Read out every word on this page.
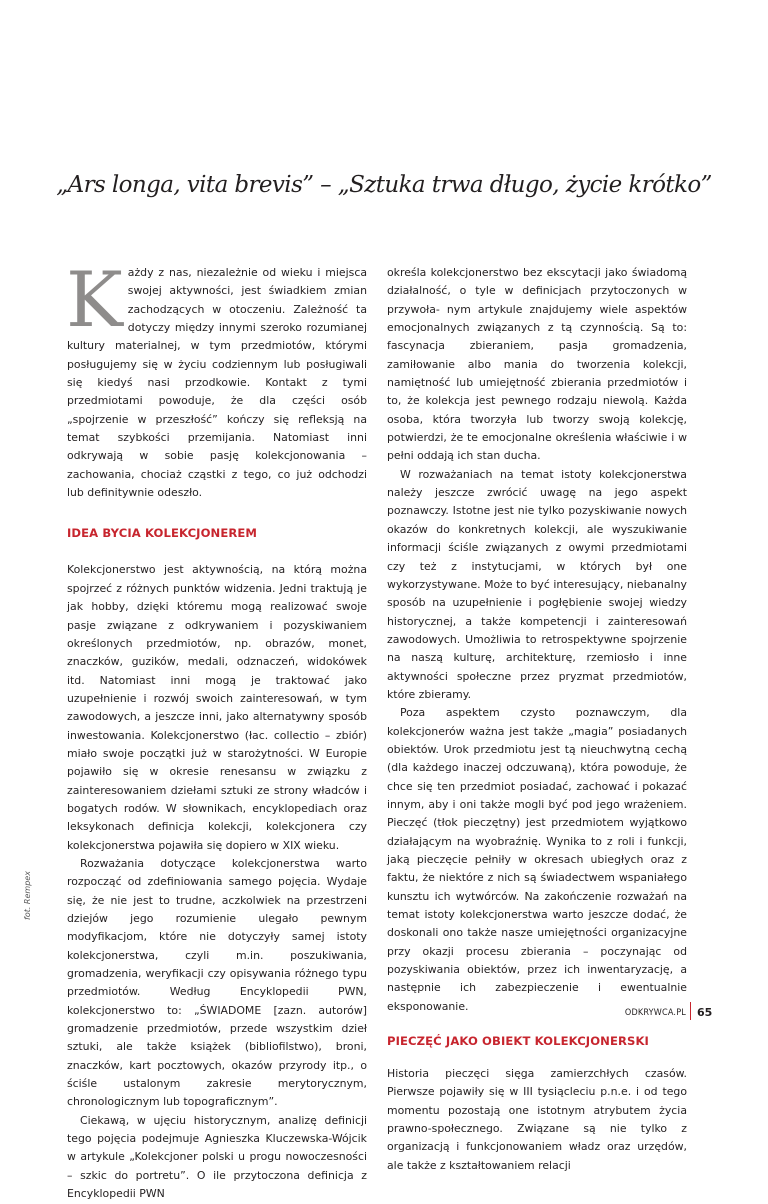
„Ars longa, vita brevis” – „Sztuka trwa długo, życie krótko”

Każdy z nas, niezależnie od wieku i miejsca swojej aktywności, jest świadkiem zmian zachodzących w otoczeniu. Zależność ta dotyczy między innymi szeroko rozumianej kultury materialnej, w tym przedmiotów, którymi posługujemy się w życiu codziennym lub posługiwali się kiedyś nasi przodkowie. Kontakt z tymi przedmiotami powoduje, że dla części osób „spojrzenie w przeszłość” kończy się refleksją na temat szybkości przemijania. Natomiast inni odkrywają w sobie pasję kolekcjonowania – zachowania, chociaż cząstki z tego, co już odchodzi lub definitywnie odeszło.

IDEA BYCIA KOLEKCJONEREM

Kolekcjonerstwo jest aktywnością, na którą można spojrzeć z różnych punktów widzenia. Jedni traktują je jak hobby, dzięki któremu mogą realizować swoje pasje związane z odkrywaniem i pozyskiwaniem określonych przedmiotów, np. obrazów, monet, znaczków, guzików, medali, odznaczeń, widokówek itd. Natomiast inni mogą je traktować jako uzupełnienie i rozwój swoich zainteresowań, w tym zawodowych, a jeszcze inni, jako alternatywny sposób inwestowania. Kolekcjonerstwo (łac. collectio – zbiór) miało swoje początki już w starożytności. W Europie pojawiło się w okresie renesansu w związku z zainteresowaniem dziełami sztuki ze strony władców i bogatych rodów. W słownikach, encyklopediach oraz leksykonach definicja kolekcji, kolekcjonera czy kolekcjonerstwa pojawiła się dopiero w XIX wieku.

Rozważania dotyczące kolekcjonerstwa warto rozpocząć od zdefiniowania samego pojęcia. Wydaje się, że nie jest to trudne, aczkolwiek na przestrzeni dziejów jego rozumienie ulegało pewnym modyfikacjom, które nie dotyczyły samej istoty kolekcjonerstwa, czyli m.in. poszukiwania, gromadzenia, weryfikacji czy opisywania różnego typu przedmiotów. Według Encyklopedii PWN, kolekcjonerstwo to: „ŚWIADOME [zazn. autorów] gromadzenie przedmiotów, przede wszystkim dzieł sztuki, ale także książek (bibliofilstwo), broni, znaczków, kart pocztowych, okazów przyrody itp., o ściśle ustalonym zakresie merytorycznym, chronologicznym lub topograficznym”.

Ciekawą, w ujęciu historycznym, analizę definicji tego pojęcia podejmuje Agnieszka Kluczewska-Wójcik w artykule „Kolekcjoner polski u progu nowoczesności – szkic do portretu”. O ile przytoczona definicja z Encyklopedii PWN

określa kolekcjonerstwo bez ekscytacji jako świadomą działalność, o tyle w definicjach przytoczonych w przywoła- nym artykule znajdujemy wiele aspektów emocjonalnych związanych z tą czynnością. Są to: fascynacja zbieraniem, pasja gromadzenia, zamiłowanie albo mania do tworzenia kolekcji, namiętność lub umiejętność zbierania przedmiotów i to, że kolekcja jest pewnego rodzaju niewolą. Każda osoba, która tworzyła lub tworzy swoją kolekcję, potwierdzi, że te emocjonalne określenia właściwie i w pełni oddają ich stan ducha.

W rozważaniach na temat istoty kolekcjonerstwa należy jeszcze zwrócić uwagę na jego aspekt poznawczy. Istotne jest nie tylko pozyskiwanie nowych okazów do konkretnych kolekcji, ale wyszukiwanie informacji ściśle związanych z owymi przedmiotami czy też z instytucjami, w których był one wykorzystywane. Może to być interesujący, niebanalny sposób na uzupełnienie i pogłębienie swojej wiedzy historycznej, a także kompetencji i zainteresowań zawodowych. Umożliwia to retrospektywne spojrzenie na naszą kulturę, architekturę, rzemiosło i inne aktywności społeczne przez pryzmat przedmiotów, które zbieramy.

Poza aspektem czysto poznawczym, dla kolekcjonerów ważna jest także „magia” posiadanych obiektów. Urok przedmiotu jest tą nieuchwytną cechą (dla każdego inaczej odczuwaną), która powoduje, że chce się ten przedmiot posiadać, zachować i pokazać innym, aby i oni także mogli być pod jego wrażeniem. Pieczęć (tłok pieczętny) jest przedmiotem wyjątkowo działającym na wyobraźnię. Wynika to z roli i funkcji, jaką pieczęcie pełniły w okresach ubiegłych oraz z faktu, że niektóre z nich są świadectwem wspaniałego kunsztu ich wytwórców. Na zakończenie rozważań na temat istoty kolekcjonerstwa warto jeszcze dodać, że doskonali ono także nasze umiejętności organizacyjne przy okazji procesu zbierania – poczynając od pozyskiwania obiektów, przez ich inwentaryzację, a następnie ich zabezpieczenie i ewentualnie eksponowanie.

PIECZĘĆ JAKO OBIEKT KOLEKCJONERSKI

Historia pieczęci sięga zamierzchłych czasów. Pierwsze pojawiły się w III tysiącleciu p.n.e. i od tego momentu pozostają one istotnym atrybutem życia prawno-społecznego. Związane są nie tylko z organizacją i funkcjonowaniem władz oraz urzędów, ale także z kształtowaniem relacji

fot. Rempex
ODKRYWCA.PL 65
